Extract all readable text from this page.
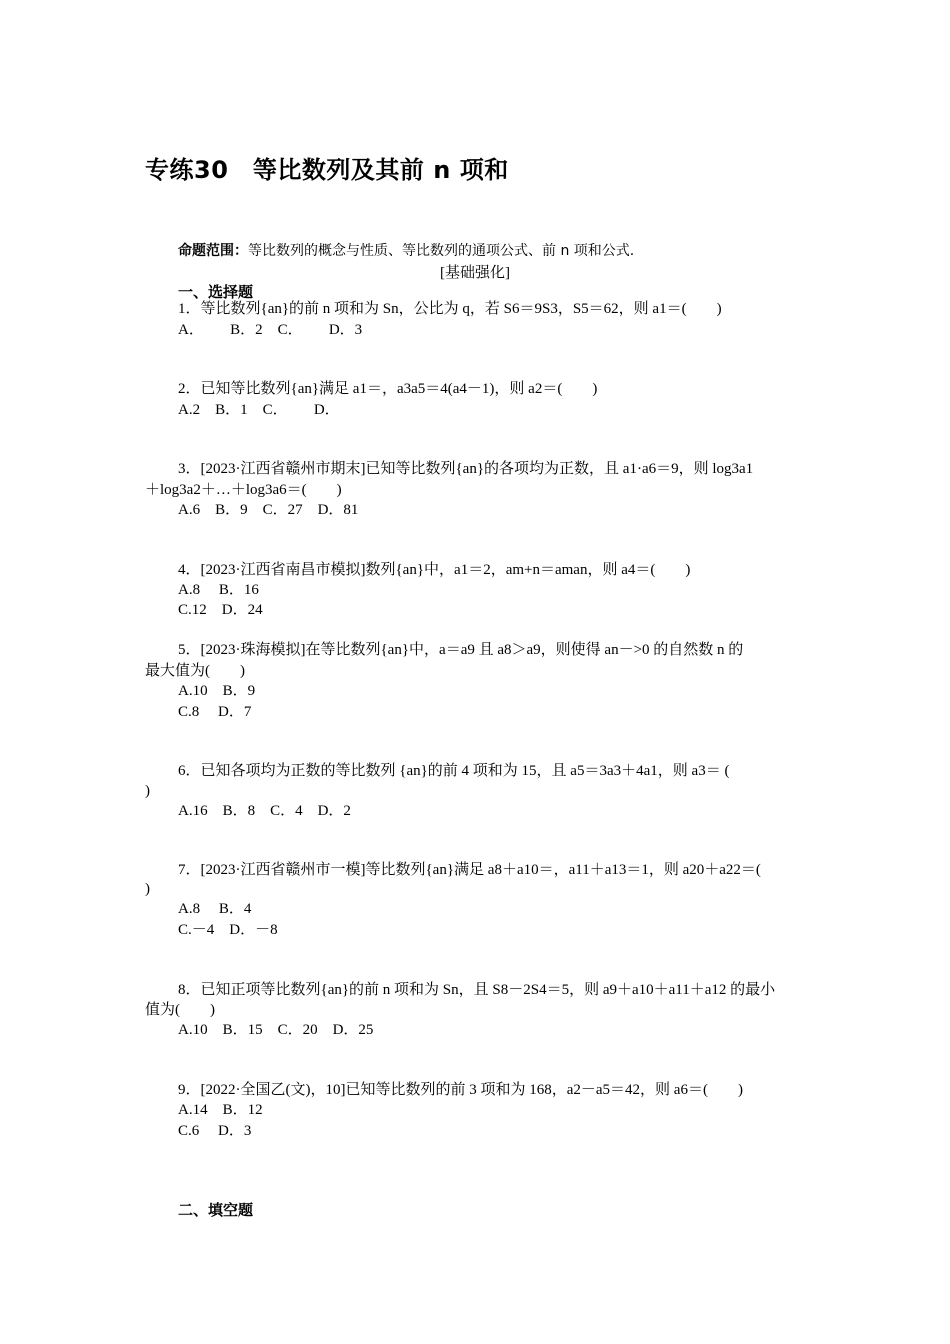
专练30　等比数列及其前 n 项和
命题范围：等比数列的概念与性质、等比数列的通项公式、前 n 项和公式.
[基础强化]
一、选择题
1．等比数列{an}的前 n 项和为 Sn，公比为 q，若 S6＝9S3，S5＝62，则 a1＝(　　)
A．　　 B．2　C．　　 D．3
2．已知等比数列{an}满足 a1＝，a3a5＝4(a4－1)，则 a2＝(　　)
A.2　B．1　C．　　 D．
3．[2023·江西省赣州市期末]已知等比数列{an}的各项均为正数，且 a1·a6＝9，则 log3a1
＋log3a2＋…＋log3a6＝(　　)
A.6　B．9　C．27　D．81
4．[2023·江西省南昌市模拟]数列{an}中，a1＝2，am+n＝aman，则 a4＝(　　)
A.8　 B．16
C.12　D．24
5．[2023·珠海模拟]在等比数列{an}中，a＝a9 且 a8＞a9，则使得 an－>0 的自然数 n 的
最大值为(　　)
A.10　B．9
C.8　 D．7
6．已知各项均为正数的等比数列 {an}的前 4 项和为 15，且 a5＝3a3＋4a1，则 a3＝ (
)
A.16　B．8　C．4　D．2
7．[2023·江西省赣州市一模]等比数列{an}满足 a8＋a10＝，a11＋a13＝1，则 a20＋a22＝(
)
A.8　 B．4
C.－4　D．－8
8．已知正项等比数列{an}的前 n 项和为 Sn，且 S8－2S4＝5，则 a9＋a10＋a11＋a12 的最小
值为(　　)
A.10　B．15　C．20　D．25
9．[2022·全国乙(文)，10]已知等比数列的前 3 项和为 168，a2－a5＝42，则 a6＝(　　)
A.14　B．12
C.6　 D．3
二、填空题
